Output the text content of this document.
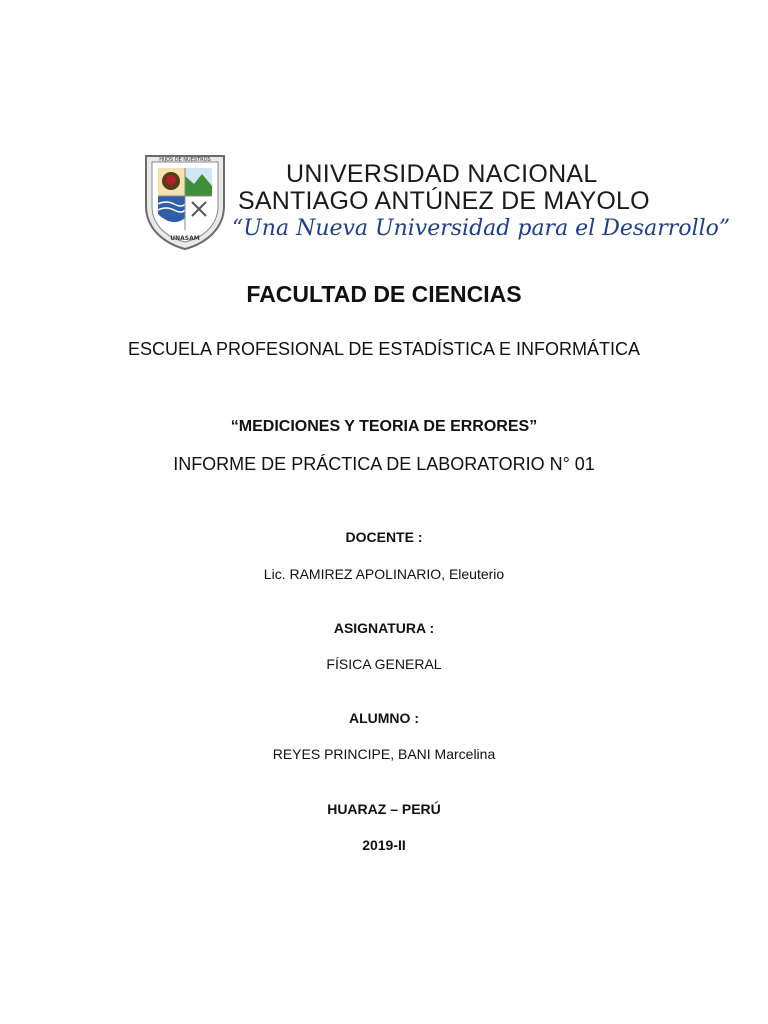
HIJOS DE NUESTROS
UNASAM
UNIVERSIDAD NACIONAL
SANTIAGO ANTÚNEZ DE MAYOLO
“Una Nueva Universidad para el Desarrollo”
FACULTAD DE CIENCIAS
ESCUELA PROFESIONAL DE ESTADÍSTICA E INFORMÁTICA
“MEDICIONES Y TEORIA DE ERRORES”
INFORME DE PRÁCTICA DE LABORATORIO N° 01
DOCENTE :
Lic. RAMIREZ APOLINARIO, Eleuterio
ASIGNATURA :
FÍSICA GENERAL
ALUMNO :
REYES PRINCIPE, BANI Marcelina
HUARAZ – PERÚ
2019-II
